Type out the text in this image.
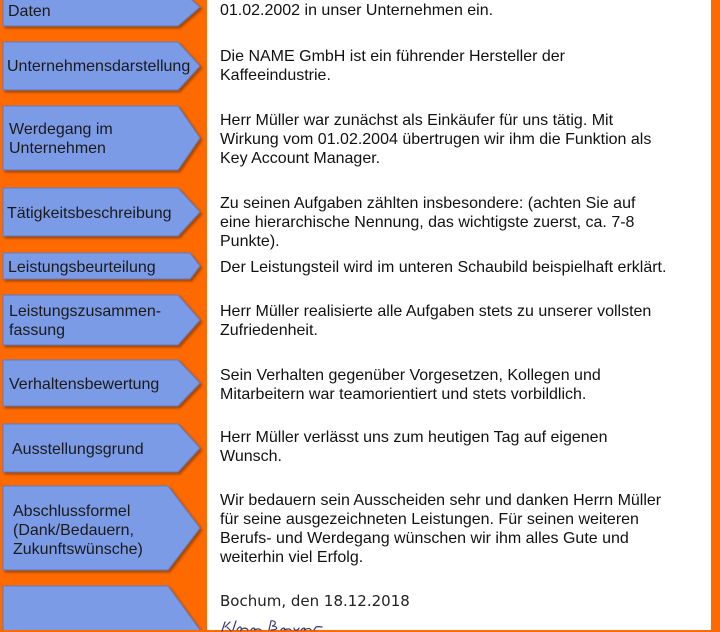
Daten
Unternehmensdarstellung
Werdegang im
Unternehmen
Tätigkeitsbeschreibung
Leistungsbeurteilung
Leistungszusammen-
fassung
Verhaltensbewertung
Ausstellungsgrund
Abschlussformel
(Dank/Bedauern,
Zukunftswünsche)
01.02.2002 in unser Unternehmen ein.
Die NAME GmbH ist ein führender Hersteller der
Kaffeeindustrie.
Herr Müller war zunächst als Einkäufer für uns tätig. Mit
Wirkung vom 01.02.2004 übertrugen wir ihm die Funktion als
Key Account Manager.
Zu seinen Aufgaben zählten insbesondere: (achten Sie auf
eine hierarchische Nennung, das wichtigste zuerst, ca. 7-8
Punkte).
Der Leistungsteil wird im unteren Schaubild beispielhaft erklärt.
Herr Müller realisierte alle Aufgaben stets zu unserer vollsten
Zufriedenheit.
Sein Verhalten gegenüber Vorgesetzen, Kollegen und
Mitarbeitern war teamorientiert und stets vorbildlich.
Herr Müller verlässt uns zum heutigen Tag auf eigenen
Wunsch.
Wir bedauern sein Ausscheiden sehr und danken Herrn Müller
für seine ausgezeichneten Leistungen. Für seinen weiteren
Berufs- und Werdegang wünschen wir ihm alles Gute und
weiterhin viel Erfolg.
Bochum, den 18.12.2018
